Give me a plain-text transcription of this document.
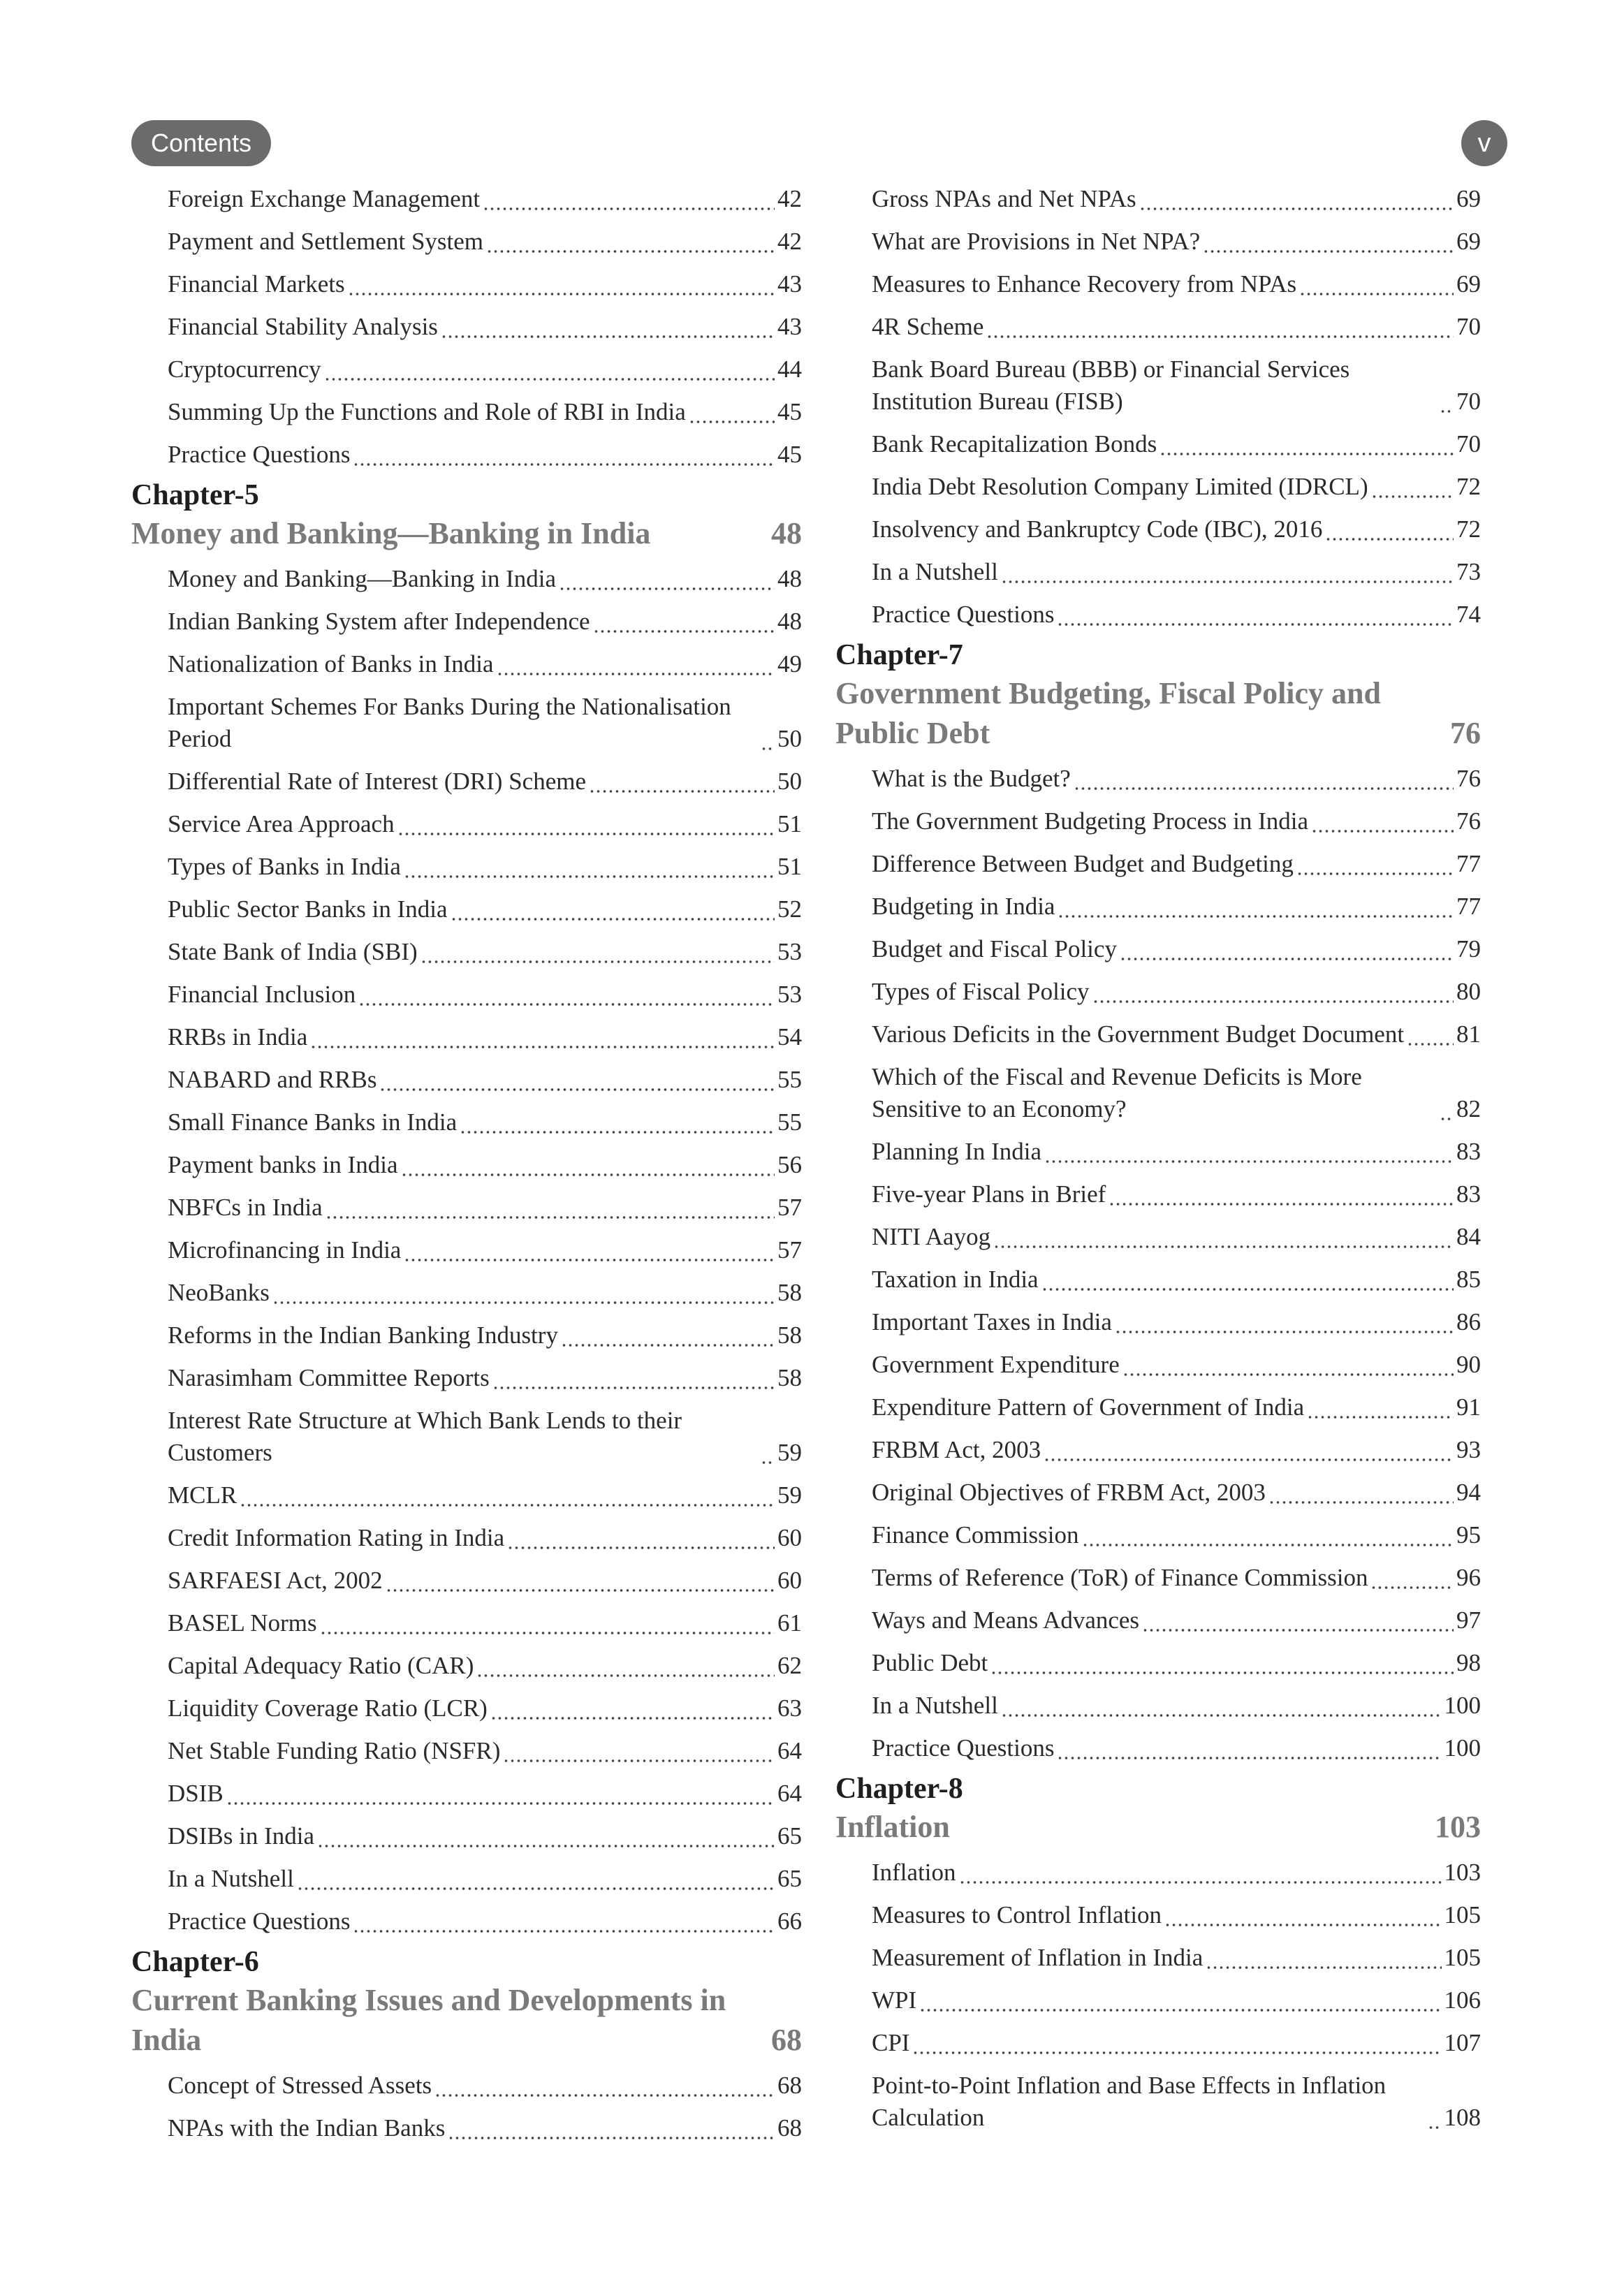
Contents	v
Foreign Exchange Management	42
Payment and Settlement System	42
Financial Markets	43
Financial Stability Analysis	43
Cryptocurrency	44
Summing Up the Functions and Role of RBI in India	45
Practice Questions	45
Chapter-5
Money and Banking—Banking in India	48
Money and Banking—Banking in India	48
Indian Banking System after Independence	48
Nationalization of Banks in India	49
Important Schemes For Banks During the Nationalisation Period	50
Differential Rate of Interest (DRI) Scheme	50
Service Area Approach	51
Types of Banks in India	51
Public Sector Banks in India	52
State Bank of India (SBI)	53
Financial Inclusion	53
RRBs in India	54
NABARD and RRBs	55
Small Finance Banks in India	55
Payment banks in India	56
NBFCs in India	57
Microfinancing in India	57
NeoBanks	58
Reforms in the Indian Banking Industry	58
Narasimham Committee Reports	58
Interest Rate Structure at Which Bank Lends to their Customers	59
MCLR	59
Credit Information Rating in India	60
SARFAESI Act, 2002	60
BASEL Norms	61
Capital Adequacy Ratio (CAR)	62
Liquidity Coverage Ratio (LCR)	63
Net Stable Funding Ratio (NSFR)	64
DSIB	64
DSIBs in India	65
In a Nutshell	65
Practice Questions	66
Chapter-6
Current Banking Issues and Developments in India	68
Concept of Stressed Assets	68
NPAs with the Indian Banks	68
Gross NPAs and Net NPAs	69
What are Provisions in Net NPA?	69
Measures to Enhance Recovery from NPAs	69
4R Scheme	70
Bank Board Bureau (BBB) or Financial Services Institution Bureau (FISB)	70
Bank Recapitalization Bonds	70
India Debt Resolution Company Limited (IDRCL)	72
Insolvency and Bankruptcy Code (IBC), 2016	72
In a Nutshell	73
Practice Questions	74
Chapter-7
Government Budgeting, Fiscal Policy and Public Debt	76
What is the Budget?	76
The Government Budgeting Process in India	76
Difference Between Budget and Budgeting	77
Budgeting in India	77
Budget and Fiscal Policy	79
Types of Fiscal Policy	80
Various Deficits in the Government Budget Document 81
Which of the Fiscal and Revenue Deficits is More Sensitive to an Economy?	82
Planning In India	83
Five-year Plans in Brief	83
NITI Aayog	84
Taxation in India	85
Important Taxes in India	86
Government Expenditure	90
Expenditure Pattern of Government of India	91
FRBM Act, 2003	93
Original Objectives of FRBM Act, 2003	94
Finance Commission	95
Terms of Reference (ToR) of Finance Commission	96
Ways and Means Advances	97
Public Debt	98
In a Nutshell	100
Practice Questions	100
Chapter-8
Inflation	103
Inflation	103
Measures to Control Inflation	105
Measurement of Inflation in India	105
WPI	106
CPI	107
Point-to-Point Inflation and Base Effects in Inflation Calculation	108
